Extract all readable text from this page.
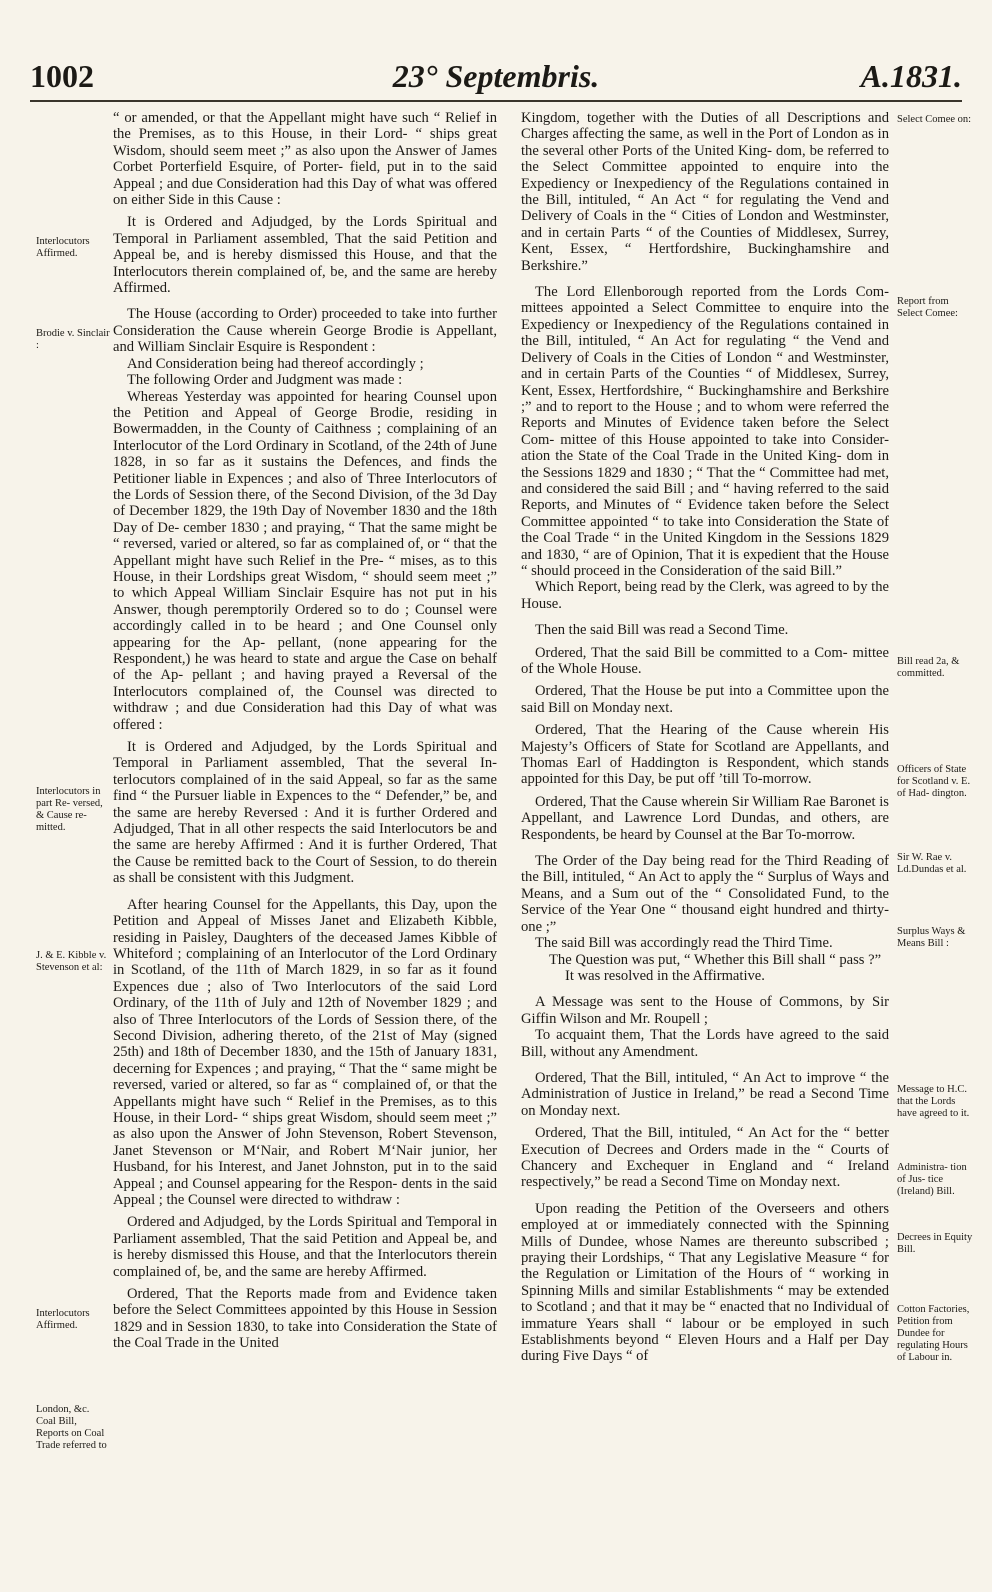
1002	23° Septembris.	A.1831.

“ or amended, or that the Appellant might have such “ Relief in the Premises, as to this House, in their Lord- “ ships great Wisdom, should seem meet ;” as also upon the Answer of James Corbet Porterfield Esquire, of Porter- field, put in to the said Appeal ; and due Consideration had this Day of what was offered on either Side in this Cause :

It is Ordered and Adjudged, by the Lords Spiritual and Temporal in Parliament assembled, That the said Petition and Appeal be, and is hereby dismissed this House, and that the Interlocutors therein complained of, be, and the same are hereby Affirmed.

The House (according to Order) proceeded to take into further Consideration the Cause wherein George Brodie is Appellant, and William Sinclair Esquire is Respondent :

And Consideration being had thereof accordingly ;

The following Order and Judgment was made :

Whereas Yesterday was appointed for hearing Counsel upon the Petition and Appeal of George Brodie, residing in Bowermadden, in the County of Caithness ; complaining of an Interlocutor of the Lord Ordinary in Scotland, of the 24th of June 1828, in so far as it sustains the Defences, and finds the Petitioner liable in Expences ; and also of Three Interlocutors of the Lords of Session there, of the Second Division, of the 3d Day of December 1829, the 19th Day of November 1830 and the 18th Day of De- cember 1830 ; and praying, “ That the same might be “ reversed, varied or altered, so far as complained of, or “ that the Appellant might have such Relief in the Pre- “ mises, as to this House, in their Lordships great Wisdom, “ should seem meet ;” to which Appeal William Sinclair Esquire has not put in his Answer, though peremptorily Ordered so to do ; Counsel were accordingly called in to be heard ; and One Counsel only appearing for the Ap- pellant, (none appearing for the Respondent,) he was heard to state and argue the Case on behalf of the Ap- pellant ; and having prayed a Reversal of the Interlocutors complained of, the Counsel was directed to withdraw ; and due Consideration had this Day of what was offered :

It is Ordered and Adjudged, by the Lords Spiritual and Temporal in Parliament assembled, That the several In- terlocutors complained of in the said Appeal, so far as the same find “ the Pursuer liable in Expences to the “ Defender,” be, and the same are hereby Reversed : And it is further Ordered and Adjudged, That in all other respects the said Interlocutors be and the same are hereby Affirmed : And it is further Ordered, That the Cause be remitted back to the Court of Session, to do therein as shall be consistent with this Judgment.

After hearing Counsel for the Appellants, this Day, upon the Petition and Appeal of Misses Janet and Elizabeth Kibble, residing in Paisley, Daughters of the deceased James Kibble of Whiteford ; complaining of an Interlocutor of the Lord Ordinary in Scotland, of the 11th of March 1829, in so far as it found Expences due ; also of Two Interlocutors of the said Lord Ordinary, of the 11th of July and 12th of November 1829 ; and also of Three Interlocutors of the Lords of Session there, of the Second Division, adhering thereto, of the 21st of May (signed 25th) and 18th of December 1830, and the 15th of January 1831, decerning for Expences ; and praying, “ That the “ same might be reversed, varied or altered, so far as “ complained of, or that the Appellants might have such “ Relief in the Premises, as to this House, in their Lord- “ ships great Wisdom, should seem meet ;” as also upon the Answer of John Stevenson, Robert Stevenson, Janet Stevenson or M‘Nair, and Robert M‘Nair junior, her Husband, for his Interest, and Janet Johnston, put in to the said Appeal ; and Counsel appearing for the Respon- dents in the said Appeal ; the Counsel were directed to withdraw :

Ordered and Adjudged, by the Lords Spiritual and Temporal in Parliament assembled, That the said Petition and Appeal be, and is hereby dismissed this House, and that the Interlocutors therein complained of, be, and the same are hereby Affirmed.

Ordered, That the Reports made from and Evidence taken before the Select Committees appointed by this House in Session 1829 and in Session 1830, to take into Consideration the State of the Coal Trade in the United

Kingdom, together with the Duties of all Descriptions and Charges affecting the same, as well in the Port of London as in the several other Ports of the United King- dom, be referred to the Select Committee appointed to enquire into the Expediency or Inexpediency of the Regulations contained in the Bill, intituled, “ An Act “ for regulating the Vend and Delivery of Coals in the “ Cities of London and Westminster, and in certain Parts “ of the Counties of Middlesex, Surrey, Kent, Essex, “ Hertfordshire, Buckinghamshire and Berkshire.”

The Lord Ellenborough reported from the Lords Com- mittees appointed a Select Committee to enquire into the Expediency or Inexpediency of the Regulations contained in the Bill, intituled, “ An Act for regulating “ the Vend and Delivery of Coals in the Cities of London “ and Westminster, and in certain Parts of the Counties “ of Middlesex, Surrey, Kent, Essex, Hertfordshire, “ Buckinghamshire and Berkshire ;” and to report to the House ; and to whom were referred the Reports and Minutes of Evidence taken before the Select Com- mittee of this House appointed to take into Consider- ation the State of the Coal Trade in the United King- dom in the Sessions 1829 and 1830 ; “ That the “ Committee had met, and considered the said Bill ; and “ having referred to the said Reports, and Minutes of “ Evidence taken before the Select Committee appointed “ to take into Consideration the State of the Coal Trade “ in the United Kingdom in the Sessions 1829 and 1830, “ are of Opinion, That it is expedient that the House “ should proceed in the Consideration of the said Bill.”

Which Report, being read by the Clerk, was agreed to by the House.

Then the said Bill was read a Second Time.

Ordered, That the said Bill be committed to a Com- mittee of the Whole House.

Ordered, That the House be put into a Committee upon the said Bill on Monday next.

Ordered, That the Hearing of the Cause wherein His Majesty’s Officers of State for Scotland are Appellants, and Thomas Earl of Haddington is Respondent, which stands appointed for this Day, be put off ’till To-morrow.

Ordered, That the Cause wherein Sir William Rae Baronet is Appellant, and Lawrence Lord Dundas, and others, are Respondents, be heard by Counsel at the Bar To-morrow.

The Order of the Day being read for the Third Reading of the Bill, intituled, “ An Act to apply the “ Surplus of Ways and Means, and a Sum out of the “ Consolidated Fund, to the Service of the Year One “ thousand eight hundred and thirty-one ;”

The said Bill was accordingly read the Third Time.

The Question was put, “ Whether this Bill shall “ pass ?”

It was resolved in the Affirmative.

A Message was sent to the House of Commons, by Sir Giffin Wilson and Mr. Roupell ;

To acquaint them, That the Lords have agreed to the said Bill, without any Amendment.

Ordered, That the Bill, intituled, “ An Act to improve “ the Administration of Justice in Ireland,” be read a Second Time on Monday next.

Ordered, That the Bill, intituled, “ An Act for the “ better Execution of Decrees and Orders made in the “ Courts of Chancery and Exchequer in England and “ Ireland respectively,” be read a Second Time on Monday next.

Upon reading the Petition of the Overseers and others employed at or immediately connected with the Spinning Mills of Dundee, whose Names are thereunto subscribed ; praying their Lordships, “ That any Legislative Measure “ for the Regulation or Limitation of the Hours of “ working in Spinning Mills and similar Establishments “ may be extended to Scotland ; and that it may be “ enacted that no Individual of immature Years shall “ labour or be employed in such Establishments beyond “ Eleven Hours and a Half per Day during Five Days “ of

Interlocutors Affirmed.
Brodie v. Sinclair :
Interlocutors in part Re- versed, & Cause re- mitted.
J. & E. Kibble v. Stevenson et al:
Interlocutors Affirmed.
London, &c. Coal Bill, Reports on Coal Trade referred to
Select Comee on:
Report from Select Comee:
Bill read 2a, & committed.
Officers of State for Scotland v. E. of Had- dington.
Sir W. Rae v. Ld.Dundas et al.
Surplus Ways & Means Bill :
Message to H.C. that the Lords have agreed to it.
Administra- tion of Jus- tice (Ireland) Bill.
Decrees in Equity Bill.
Cotton Factories, Petition from Dundee for regulating Hours of Labour in.
